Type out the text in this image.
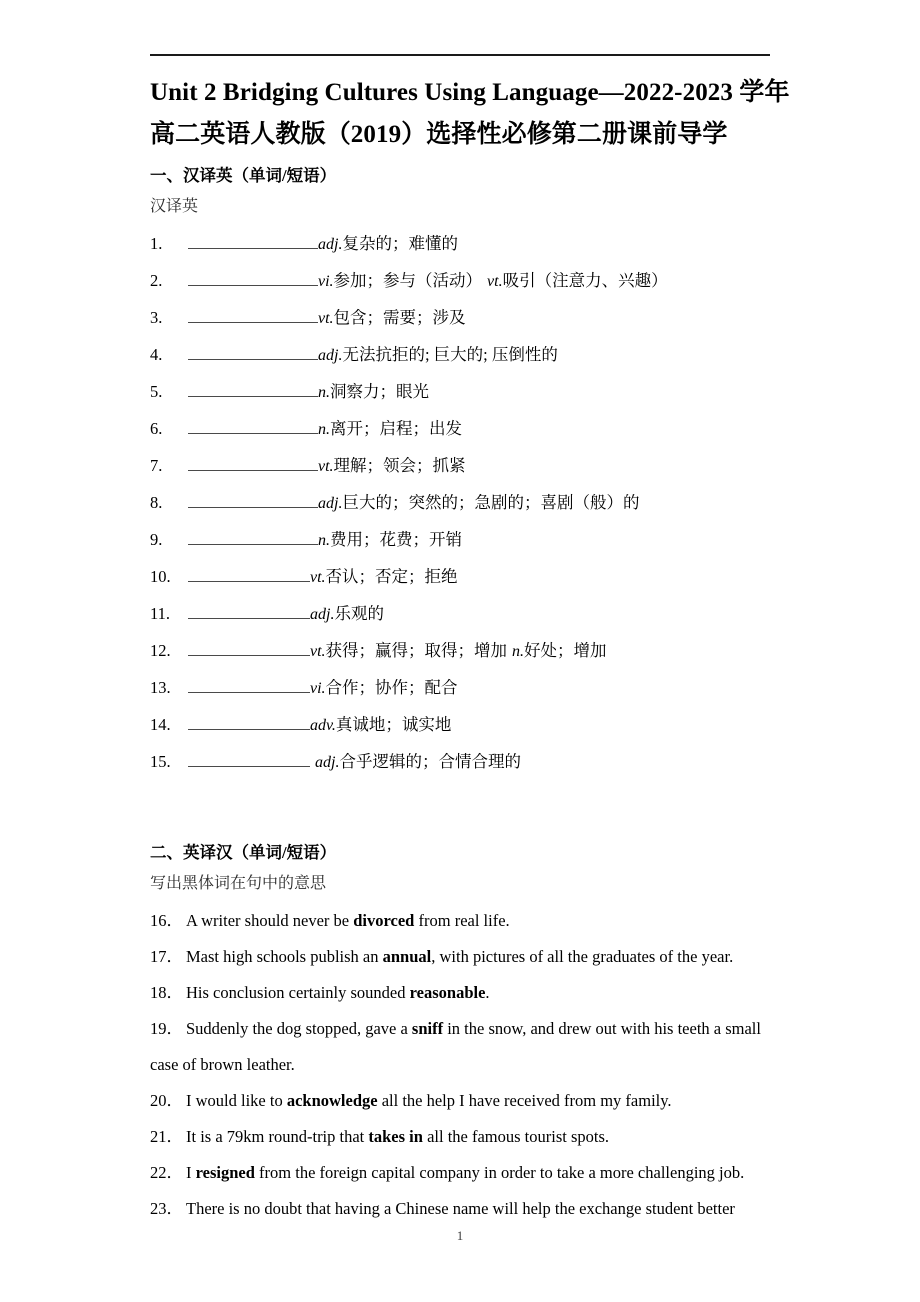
Unit 2 Bridging Cultures Using Language—2022-2023 学年高二英语人教版（2019）选择性必修第二册课前导学
一、汉译英（单词/短语）
汉译英
1.	adj. 复杂的；难懂的
2.	vi. 参加；参与（活动） vt. 吸引（注意力、兴趣）
3.	vt. 包含；需要；涉及
4.	adj. 无法抗拒的; 巨大的; 压倒性的
5.	n. 洞察力；眼光
6.	n. 离开；启程；出发
7.	vt. 理解；领会；抓紧
8.	adj. 巨大的；突然的；急剧的；喜剧（般）的
9.	n. 费用；花费；开销
10.	vt. 否认；否定；拒绝
11.	adj. 乐观的
12.	vt. 获得；赢得；取得；增加 n. 好处；增加
13.	vi. 合作；协作；配合
14.	adv. 真诚地；诚实地
15.	adj. 合乎逻辑的；合情合理的
二、英译汉（单词/短语）
写出黑体词在句中的意思
16． A writer should never be divorced from real life.
17． Mast high schools publish an annual, with pictures of all the graduates of the year.
18． His conclusion certainly sounded reasonable.
19． Suddenly the dog stopped, gave a sniff in the snow, and drew out with his teeth a small case of brown leather.
20． I would like to acknowledge all the help I have received from my family.
21． It is a 79km round-trip that takes in all the famous tourist spots.
22． I resigned from the foreign capital company in order to take a more challenging job.
23． There is no doubt that having a Chinese name will help the exchange student better
1
